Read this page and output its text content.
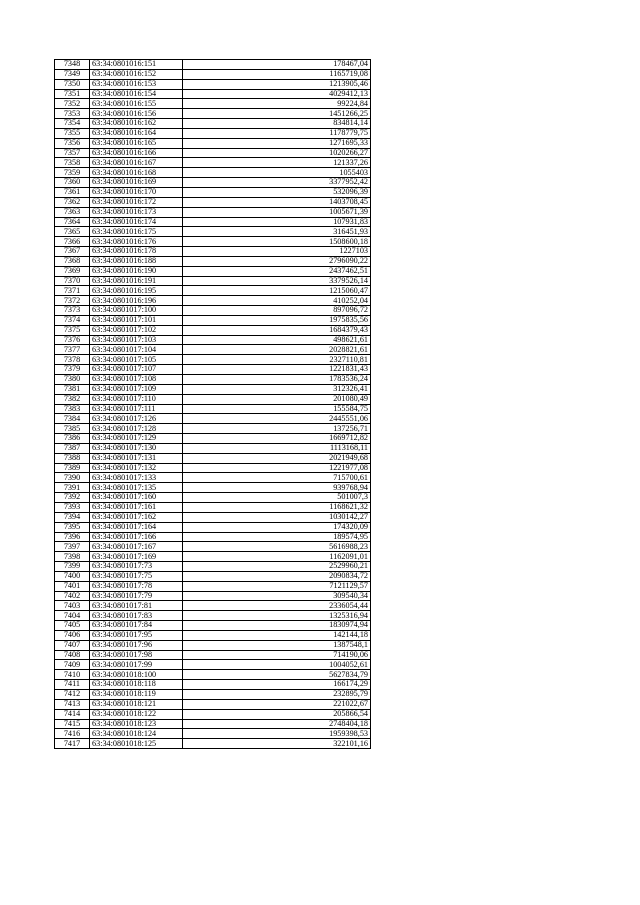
7348	63:34:0801016:151	178467,04
7349	63:34:0801016:152	1165719,08
7350	63:34:0801016:153	1213905,46
7351	63:34:0801016:154	4029412,13
7352	63:34:0801016:155	99224,84
7353	63:34:0801016:156	1451266,25
7354	63:34:0801016:162	834814,14
7355	63:34:0801016:164	1178779,75
7356	63:34:0801016:165	1271695,33
7357	63:34:0801016:166	1020266,27
7358	63:34:0801016:167	121337,26
7359	63:34:0801016:168	1055403
7360	63:34:0801016:169	3377952,42
7361	63:34:0801016:170	532096,39
7362	63:34:0801016:172	1403708,45
7363	63:34:0801016:173	1005671,39
7364	63:34:0801016:174	107931,83
7365	63:34:0801016:175	316451,93
7366	63:34:0801016:176	1508600,18
7367	63:34:0801016:178	1227103
7368	63:34:0801016:188	2796090,22
7369	63:34:0801016:190	2437462,51
7370	63:34:0801016:191	3379526,14
7371	63:34:0801016:195	1215060,47
7372	63:34:0801016:196	410252,04
7373	63:34:0801017:100	897096,72
7374	63:34:0801017:101	1975835,56
7375	63:34:0801017:102	1684379,43
7376	63:34:0801017:103	498621,61
7377	63:34:0801017:104	2028821,61
7378	63:34:0801017:105	2327110,81
7379	63:34:0801017:107	1221831,43
7380	63:34:0801017:108	1783536,24
7381	63:34:0801017:109	312326,41
7382	63:34:0801017:110	201080,49
7383	63:34:0801017:111	155584,75
7384	63:34:0801017:126	2445551,06
7385	63:34:0801017:128	137256,71
7386	63:34:0801017:129	1669712,82
7387	63:34:0801017:130	1113168,11
7388	63:34:0801017:131	2021949,68
7389	63:34:0801017:132	1221977,08
7390	63:34:0801017:133	715700,61
7391	63:34:0801017:135	939768,94
7392	63:34:0801017:160	501007,3
7393	63:34:0801017:161	1168621,32
7394	63:34:0801017:162	1030142,27
7395	63:34:0801017:164	174320,09
7396	63:34:0801017:166	189574,95
7397	63:34:0801017:167	5616988,23
7398	63:34:0801017:169	1162091,01
7399	63:34:0801017:73	2529960,21
7400	63:34:0801017:75	2090834,72
7401	63:34:0801017:78	7121129,57
7402	63:34:0801017:79	309540,34
7403	63:34:0801017:81	2336054,44
7404	63:34:0801017:83	1325316,94
7405	63:34:0801017:84	1830974,94
7406	63:34:0801017:95	142144,18
7407	63:34:0801017:96	1387548,1
7408	63:34:0801017:98	714190,06
7409	63:34:0801017:99	1004052,61
7410	63:34:0801018:100	5627834,79
7411	63:34:0801018:118	166174,29
7412	63:34:0801018:119	232895,79
7413	63:34:0801018:121	221022,67
7414	63:34:0801018:122	205866,54
7415	63:34:0801018:123	2748404,18
7416	63:34:0801018:124	1959398,53
7417	63:34:0801018:125	322101,16
